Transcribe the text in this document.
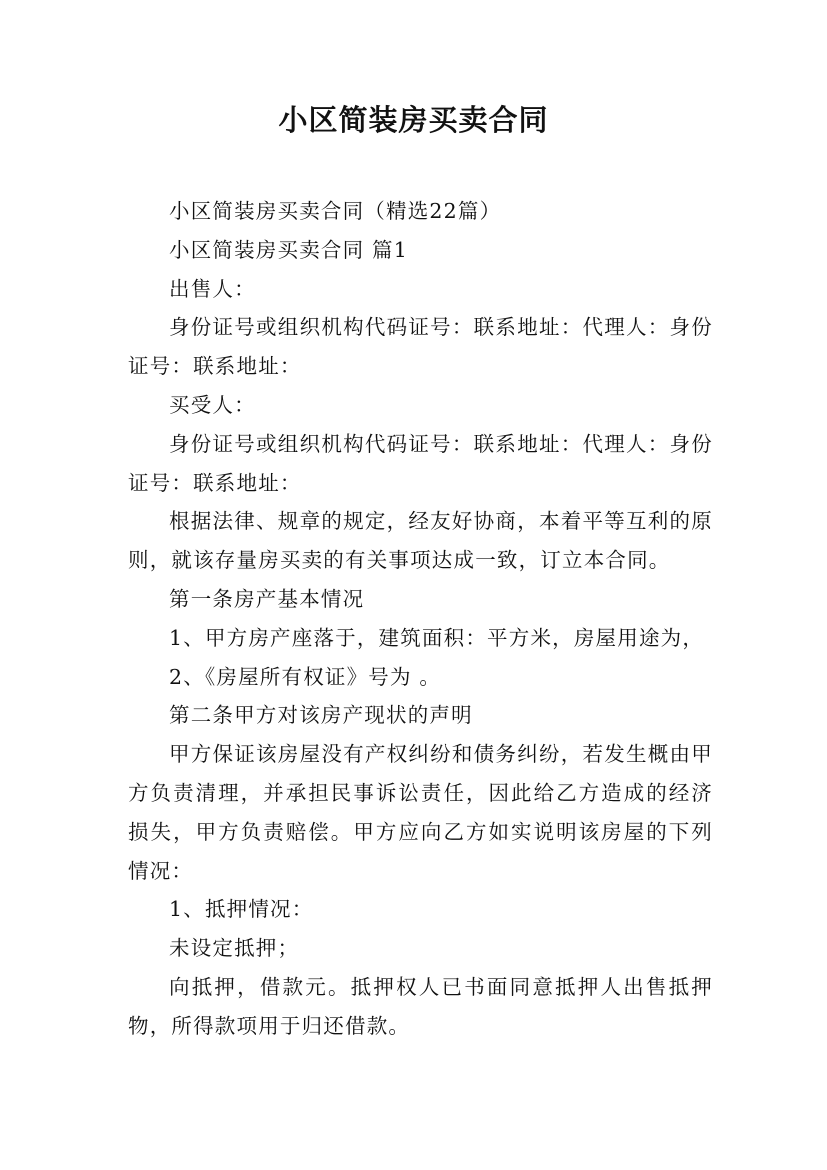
小区简装房买卖合同

小区简装房买卖合同（精选22篇）

小区简装房买卖合同 篇1

出售人：

身份证号或组织机构代码证号：联系地址：代理人：身份证号：联系地址：

买受人：

身份证号或组织机构代码证号：联系地址：代理人：身份证号：联系地址：

根据法律、规章的规定，经友好协商，本着平等互利的原则，就该存量房买卖的有关事项达成一致，订立本合同。

第一条房产基本情况

1、甲方房产座落于，建筑面积：平方米，房屋用途为，

2、《房屋所有权证》号为 。

第二条甲方对该房产现状的声明

甲方保证该房屋没有产权纠纷和债务纠纷，若发生概由甲方负责清理，并承担民事诉讼责任，因此给乙方造成的经济损失，甲方负责赔偿。甲方应向乙方如实说明该房屋的下列情况：

1、抵押情况：

未设定抵押；

向抵押，借款元。抵押权人已书面同意抵押人出售抵押物，所得款项用于归还借款。
